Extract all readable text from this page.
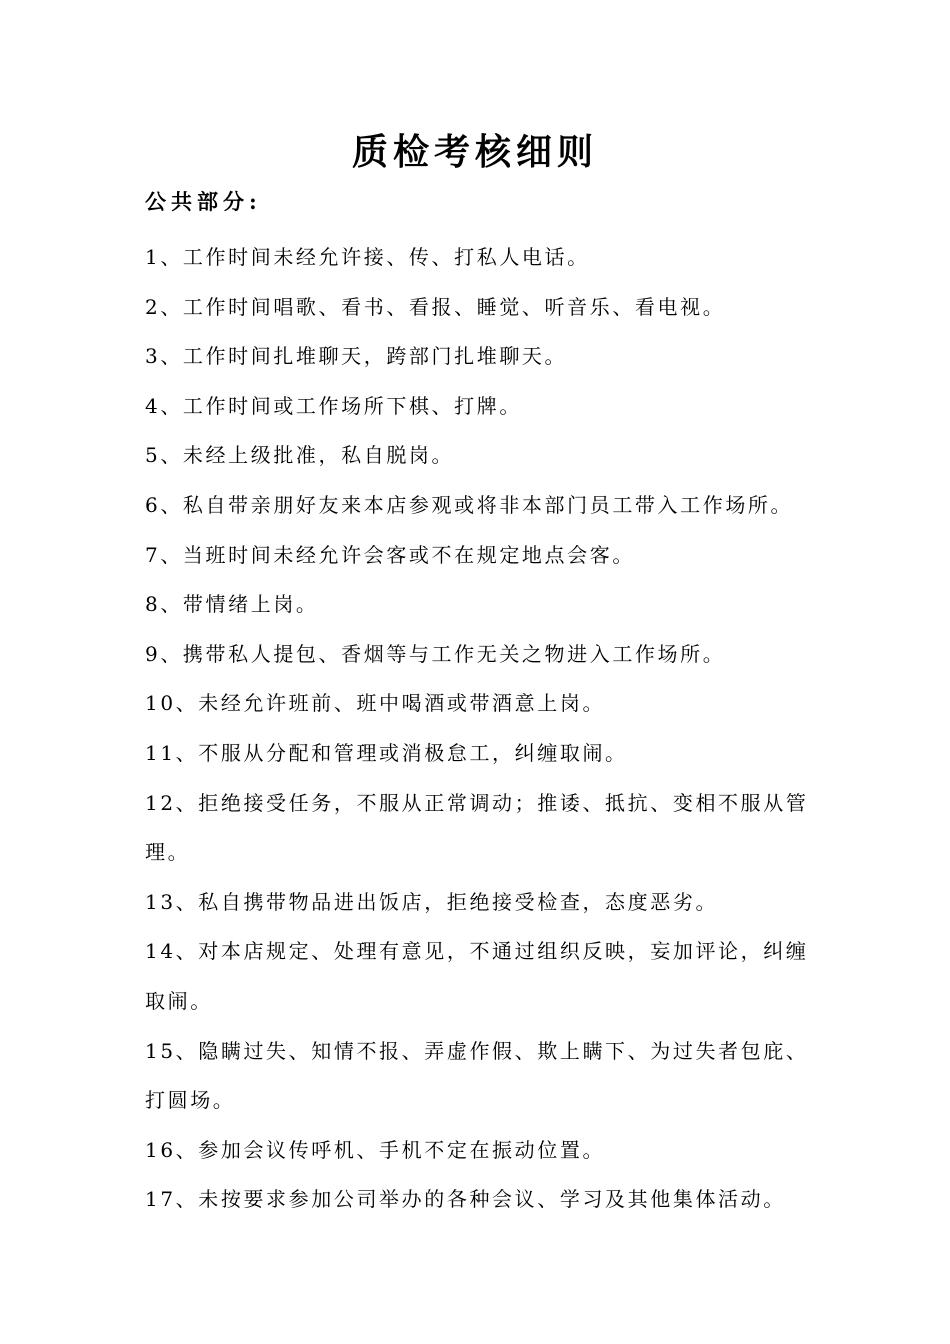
质检考核细则
公共部分:
1、工作时间未经允许接、传、打私人电话。
2、工作时间唱歌、看书、看报、睡觉、听音乐、看电视。
3、工作时间扎堆聊天，跨部门扎堆聊天。
4、工作时间或工作场所下棋、打牌。
5、未经上级批准，私自脱岗。
6、私自带亲朋好友来本店参观或将非本部门员工带入工作场所。
7、当班时间未经允许会客或不在规定地点会客。
8、带情绪上岗。
9、携带私人提包、香烟等与工作无关之物进入工作场所。
10、未经允许班前、班中喝酒或带酒意上岗。
11、不服从分配和管理或消极怠工，纠缠取闹。
12、拒绝接受任务，不服从正常调动；推诿、抵抗、变相不服从管理。
13、私自携带物品进出饭店，拒绝接受检查，态度恶劣。
14、对本店规定、处理有意见，不通过组织反映，妄加评论，纠缠取闹。
15、隐瞒过失、知情不报、弄虚作假、欺上瞒下、为过失者包庇、打圆场。
16、参加会议传呼机、手机不定在振动位置。
17、未按要求参加公司举办的各种会议、学习及其他集体活动。
